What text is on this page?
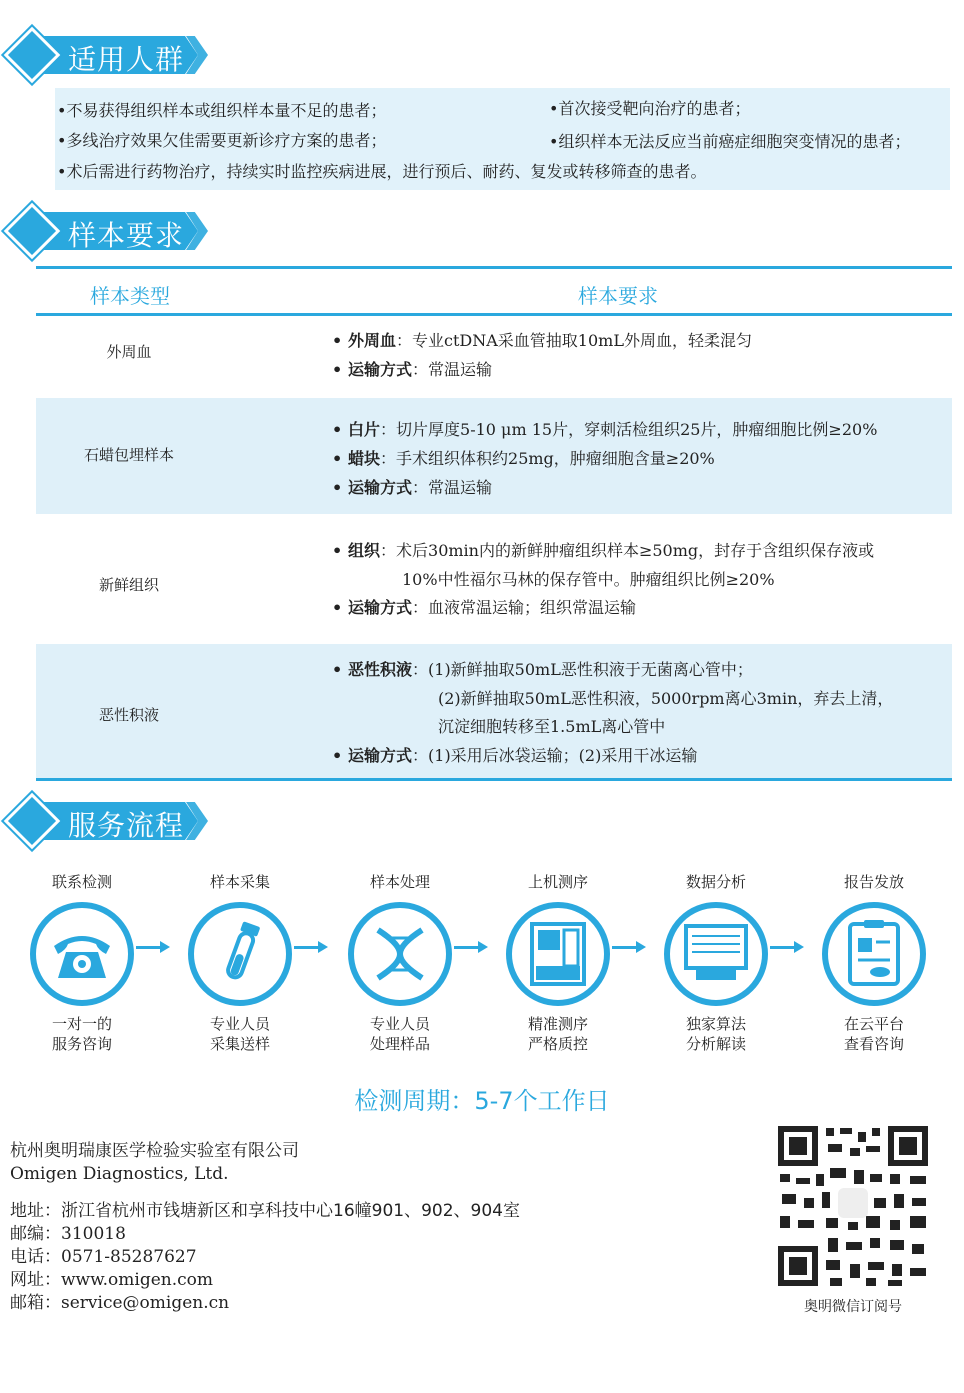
适用人群
•不易获得组织样本或组织样本量不足的患者；	•首次接受靶向治疗的患者；
•多线治疗效果欠佳需要更新诊疗方案的患者；	•组织样本无法反应当前癌症细胞突变情况的患者；
•术后需进行药物治疗，持续实时监控疾病进展，进行预后、耐药、复发或转移筛查的患者。
样本要求
样本类型	样本要求
外周血
• 外周血：专业ctDNA采血管抽取10mL外周血，轻柔混匀
• 运输方式：常温运输
石蜡包埋样本
• 白片：切片厚度5-10 μm 15片，穿刺活检组织25片，肿瘤细胞比例≥20%
• 蜡块：手术组织体积约25mg，肿瘤细胞含量≥20%
• 运输方式：常温运输
新鲜组织
• 组织：术后30min内的新鲜肿瘤组织样本≥50mg，封存于含组织保存液或
10%中性福尔马林的保存管中。肿瘤组织比例≥20%
• 运输方式：血液常温运输；组织常温运输
恶性积液
• 恶性积液：(1)新鲜抽取50mL恶性积液于无菌离心管中；
(2)新鲜抽取50mL恶性积液，5000rpm离心3min，弃去上清，
沉淀细胞转移至1.5mL离心管中
• 运输方式：(1)采用后冰袋运输；(2)采用干冰运输
服务流程
联系检测
一对一的
服务咨询
样本采集
专业人员
采集送样
样本处理
专业人员
处理样品
上机测序
精准测序
严格质控
数据分析
独家算法
分析解读
报告发放
在云平台
查看咨询
检测周期：5-7个工作日
杭州奥明瑞康医学检验实验室有限公司
Omigen Diagnostics, Ltd.
地址：浙江省杭州市钱塘新区和享科技中心16幢901、902、904室
邮编：310018
电话：0571-85287627
网址：www.omigen.com
邮箱：service@omigen.cn	奥明微信订阅号
